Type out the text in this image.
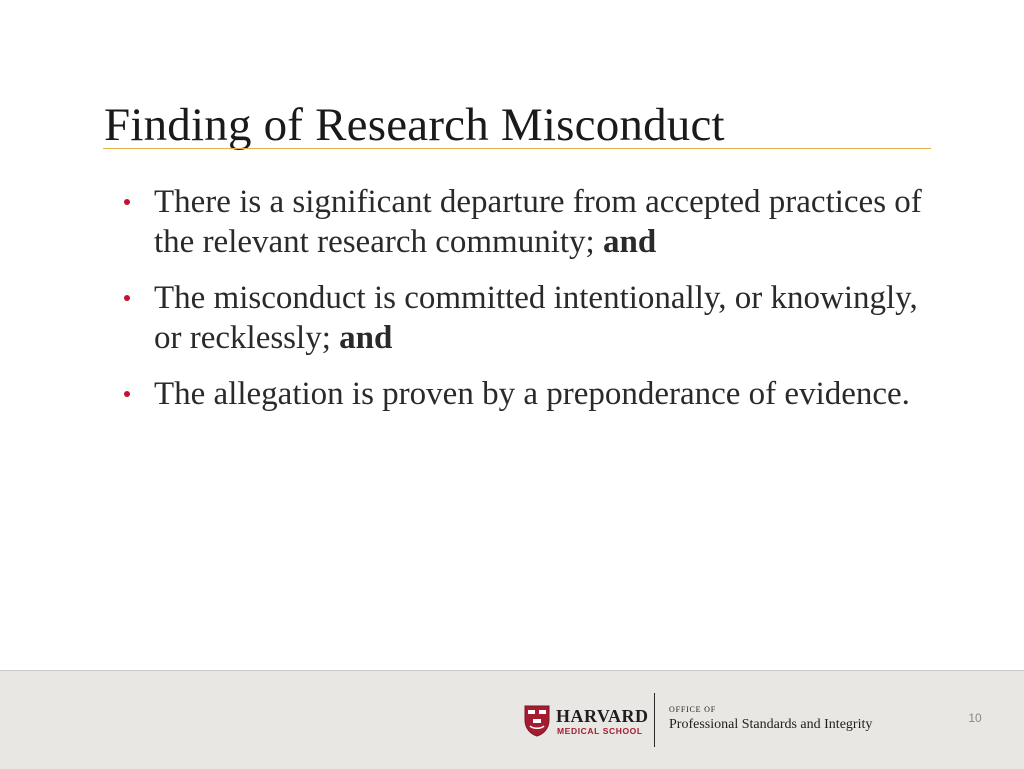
Finding of Research Misconduct
There is a significant departure from accepted practices of the relevant research community; and
The misconduct is committed intentionally, or knowingly, or recklessly; and
The allegation is proven by a preponderance of evidence.
HARVARD
MEDICAL SCHOOL
OFFICE OF
Professional Standards and Integrity	10
